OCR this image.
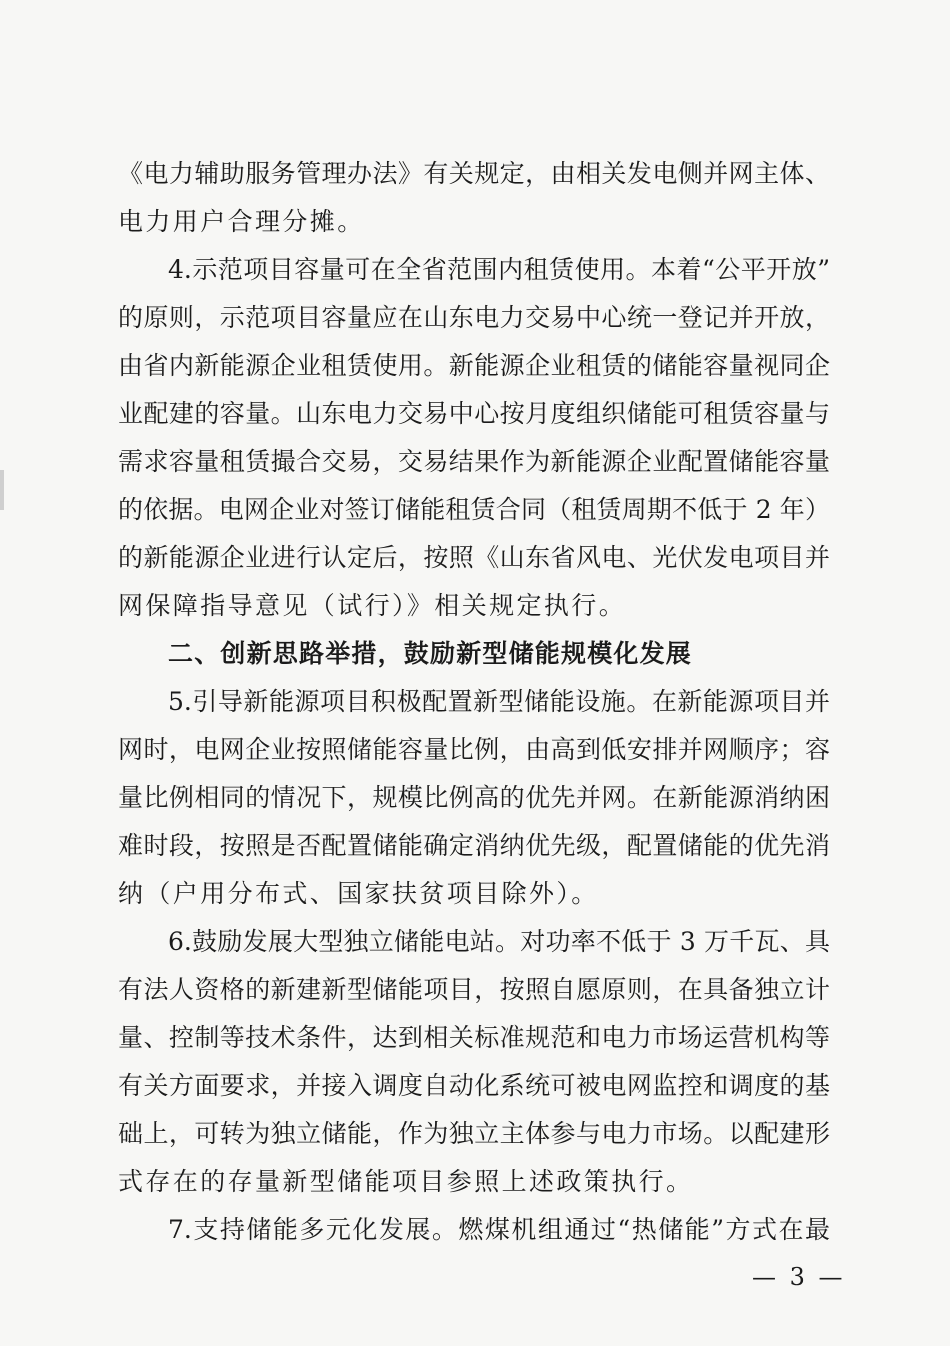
《电力辅助服务管理办法》有关规定，由相关发电侧并网主体、
电力用户合理分摊。
4.示范项目容量可在全省范围内租赁使用。本着“公平开放”
的原则，示范项目容量应在山东电力交易中心统一登记并开放，
由省内新能源企业租赁使用。新能源企业租赁的储能容量视同企
业配建的容量。山东电力交易中心按月度组织储能可租赁容量与
需求容量租赁撮合交易，交易结果作为新能源企业配置储能容量
的依据。电网企业对签订储能租赁合同（租赁周期不低于 2 年）
的新能源企业进行认定后，按照《山东省风电、光伏发电项目并
网保障指导意见（试行）》相关规定执行。
二、创新思路举措，鼓励新型储能规模化发展
5.引导新能源项目积极配置新型储能设施。在新能源项目并
网时，电网企业按照储能容量比例，由高到低安排并网顺序；容
量比例相同的情况下，规模比例高的优先并网。在新能源消纳困
难时段，按照是否配置储能确定消纳优先级，配置储能的优先消
纳（户用分布式、国家扶贫项目除外）。
6.鼓励发展大型独立储能电站。对功率不低于 3 万千瓦、具
有法人资格的新建新型储能项目，按照自愿原则，在具备独立计
量、控制等技术条件，达到相关标准规范和电力市场运营机构等
有关方面要求，并接入调度自动化系统可被电网监控和调度的基
础上，可转为独立储能，作为独立主体参与电力市场。以配建形
式存在的存量新型储能项目参照上述政策执行。
7.支持储能多元化发展。燃煤机组通过“热储能”方式在最
— 3 —
